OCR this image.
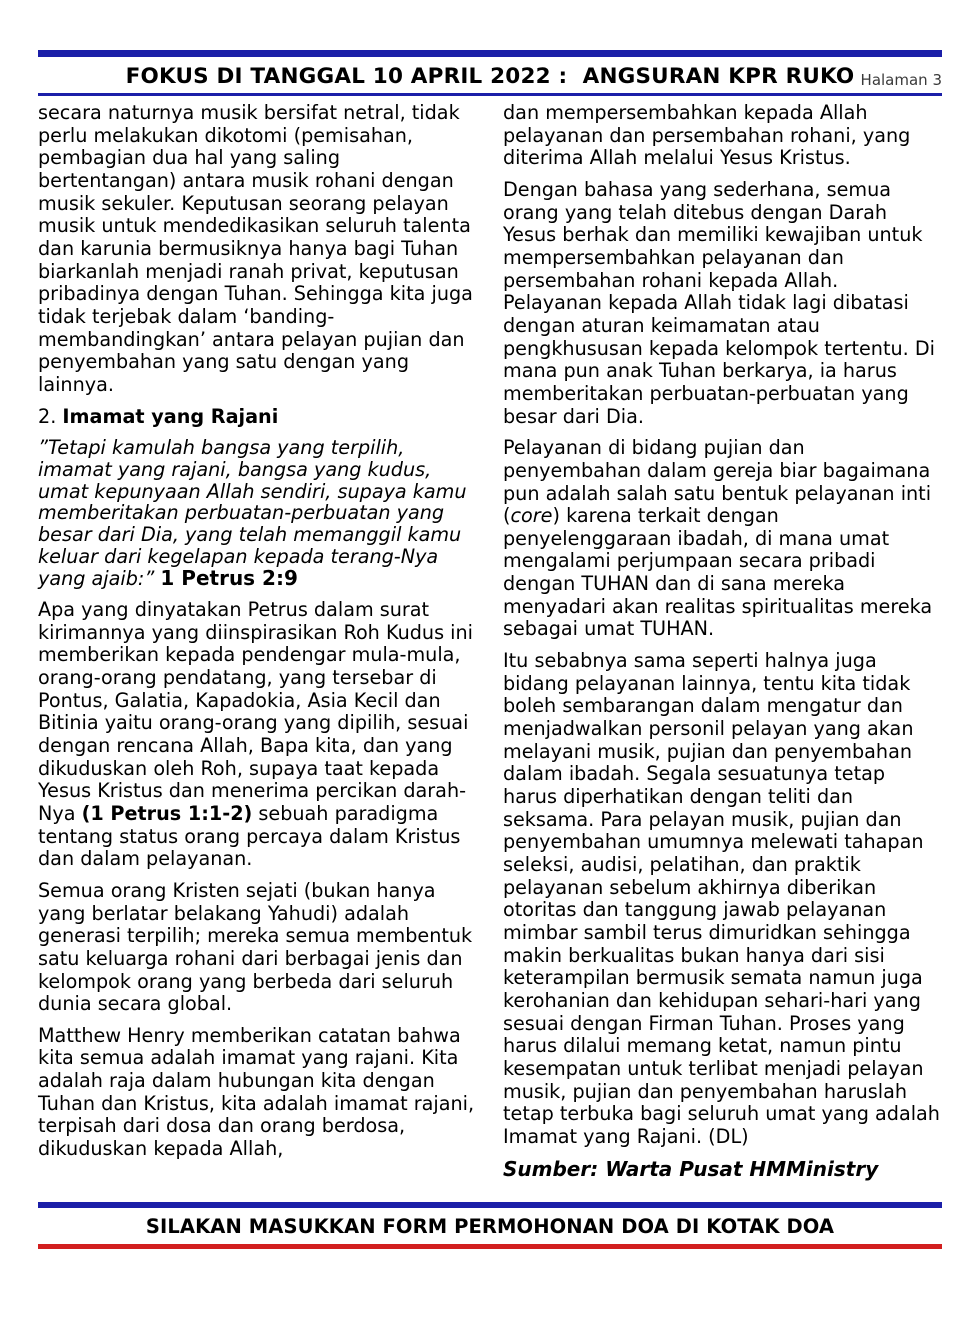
FOKUS DI TANGGAL 10 APRIL 2022 :  ANGSURAN KPR RUKO Halaman 3

secara naturnya musik bersifat netral, tidak perlu melakukan dikotomi (pemisahan, pembagian dua hal yang saling bertentangan) antara musik rohani dengan musik sekuler. Keputusan seorang pelayan musik untuk mendedikasikan seluruh talenta dan karunia bermusiknya hanya bagi Tuhan biarkanlah menjadi ranah privat, keputusan pribadinya dengan Tuhan. Sehingga kita juga tidak terjebak dalam ‘banding-membandingkan’ antara pelayan pujian dan penyembahan yang satu dengan yang lainnya.

2. Imamat yang Rajani

”Tetapi kamulah bangsa yang terpilih, imamat yang rajani, bangsa yang kudus, umat kepunyaan Allah sendiri, supaya kamu memberitakan perbuatan-perbuatan yang besar dari Dia, yang telah memanggil kamu keluar dari kegelapan kepada terang-Nya yang ajaib:” 1 Petrus 2:9

Apa yang dinyatakan Petrus dalam surat kirimannya yang diinspirasikan Roh Kudus ini memberikan kepada pendengar mula-mula, orang-orang pendatang, yang tersebar di Pontus, Galatia, Kapadokia, Asia Kecil dan Bitinia yaitu orang-orang yang dipilih, sesuai dengan rencana Allah, Bapa kita, dan yang dikuduskan oleh Roh, supaya taat kepada Yesus Kristus dan menerima percikan darah-Nya (1 Petrus 1:1-2) sebuah paradigma tentang status orang percaya dalam Kristus dan dalam pelayanan.

Semua orang Kristen sejati (bukan hanya yang berlatar belakang Yahudi) adalah generasi terpilih; mereka semua membentuk satu keluarga rohani dari berbagai jenis dan kelompok orang yang berbeda dari seluruh dunia secara global.

Matthew Henry memberikan catatan bahwa kita semua adalah imamat yang rajani. Kita adalah raja dalam hubungan kita dengan Tuhan dan Kristus, kita adalah imamat rajani, terpisah dari dosa dan orang berdosa, dikuduskan kepada Allah,

dan mempersembahkan kepada Allah pelayanan dan persembahan rohani, yang diterima Allah melalui Yesus Kristus.

Dengan bahasa yang sederhana, semua orang yang telah ditebus dengan Darah Yesus berhak dan memiliki kewajiban untuk mempersembahkan pelayanan dan persembahan rohani kepada Allah. Pelayanan kepada Allah tidak lagi dibatasi dengan aturan keimamatan atau pengkhususan kepada kelompok tertentu. Di mana pun anak Tuhan berkarya, ia harus memberitakan perbuatan-perbuatan yang besar dari Dia.

Pelayanan di bidang pujian dan penyembahan dalam gereja biar bagaimana pun adalah salah satu bentuk pelayanan inti (core) karena terkait dengan penyelenggaraan ibadah, di mana umat mengalami perjumpaan secara pribadi dengan TUHAN dan di sana mereka menyadari akan realitas spiritualitas mereka sebagai umat TUHAN.

Itu sebabnya sama seperti halnya juga bidang pelayanan lainnya, tentu kita tidak boleh sembarangan dalam mengatur dan menjadwalkan personil pelayan yang akan melayani musik, pujian dan penyembahan dalam ibadah. Segala sesuatunya tetap harus diperhatikan dengan teliti dan seksama. Para pelayan musik, pujian dan penyembahan umumnya melewati tahapan seleksi, audisi, pelatihan, dan praktik pelayanan sebelum akhirnya diberikan otoritas dan tanggung jawab pelayanan mimbar sambil terus dimuridkan sehingga makin berkualitas bukan hanya dari sisi keterampilan bermusik semata namun juga kerohanian dan kehidupan sehari-hari yang sesuai dengan Firman Tuhan. Proses yang harus dilalui memang ketat, namun pintu kesempatan untuk terlibat menjadi pelayan musik, pujian dan penyembahan haruslah tetap terbuka bagi seluruh umat yang adalah Imamat yang Rajani. (DL)

Sumber: Warta Pusat HMMinistry

SILAKAN MASUKKAN FORM PERMOHONAN DOA DI KOTAK DOA
